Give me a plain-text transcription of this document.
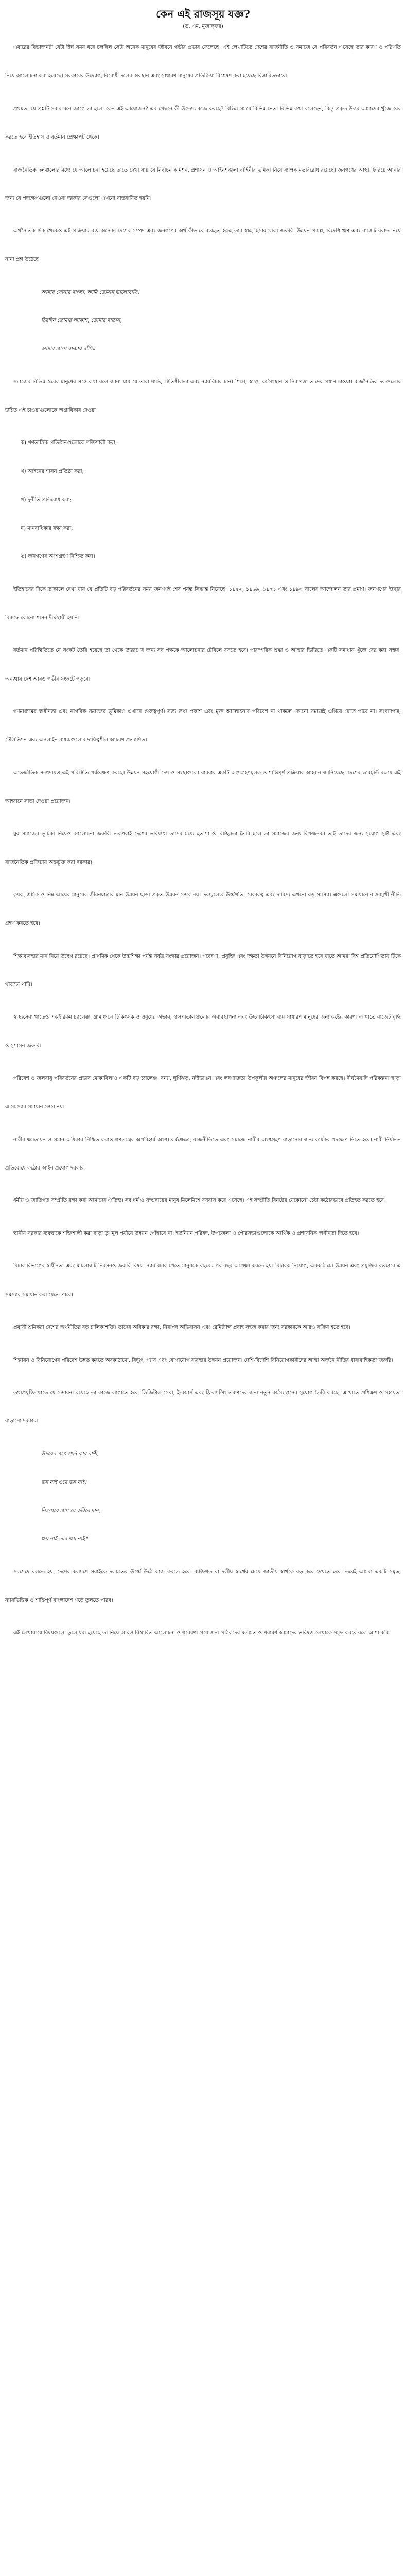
কেন এই রাজসূয় যজ্ঞ?
(ড. এম. মুজাফ্‌ফর)

এবারের বিভাজনটা যেটা দীর্ঘ সময় ধরে চলছিল সেটা অনেক মানুষের জীবনে গভীর প্রভাব ফেলেছে। এই লেখাটিতে দেশের রাজনীতি ও সমাজে যে পরিবর্তন এসেছে তার কারণ ও পরিণতি নিয়ে আলোচনা করা হয়েছে। সরকারের উদ্যোগ, বিরোধী দলের অবস্থান এবং সাধারণ মানুষের প্রতিক্রিয়া বিশ্লেষণ করা হয়েছে বিস্তারিতভাবে।

প্রথমত, যে প্রশ্নটি সবার মনে জাগে তা হলো কেন এই আয়োজন? এর পেছনে কী উদ্দেশ্য কাজ করছে? বিভিন্ন সময়ে বিভিন্ন নেতা বিভিন্ন কথা বলেছেন, কিন্তু প্রকৃত উত্তর আমাদের খুঁজে বের করতে হবে ইতিহাস ও বর্তমান প্রেক্ষাপট থেকে।

রাজনৈতিক দলগুলোর মধ্যে যে আলোচনা হয়েছে তাতে দেখা যায় যে নির্বাচন কমিশন, প্রশাসন ও আইনশৃঙ্খলা বাহিনীর ভূমিকা নিয়ে ব্যাপক মতবিরোধ রয়েছে। জনগণের আস্থা ফিরিয়ে আনার জন্য যে পদক্ষেপগুলো নেওয়া দরকার সেগুলো এখনো বাস্তবায়িত হয়নি।

অর্থনৈতিক দিক থেকেও এই প্রক্রিয়ার ব্যয় অনেক। দেশের সম্পদ এবং জনগণের অর্থ কীভাবে ব্যবহৃত হচ্ছে তার স্বচ্ছ হিসাব থাকা জরুরি। উন্নয়ন প্রকল্প, বিদেশি ঋণ এবং বাজেট বরাদ্দ নিয়ে নানা প্রশ্ন উঠেছে।

আমার সোনার বাংলা, আমি তোমায় ভালোবাসি।
চিরদিন তোমার আকাশ, তোমার বাতাস,
আমার প্রাণে বাজায় বাঁশি॥

সমাজের বিভিন্ন স্তরের মানুষের সঙ্গে কথা বলে জানা যায় যে তারা শান্তি, স্থিতিশীলতা এবং ন্যায়বিচার চান। শিক্ষা, স্বাস্থ্য, কর্মসংস্থান ও নিরাপত্তা তাদের প্রধান চাওয়া। রাজনৈতিক দলগুলোর উচিত এই চাওয়াগুলোকে অগ্রাধিকার দেওয়া।

ক) গণতান্ত্রিক প্রতিষ্ঠানগুলোকে শক্তিশালী করা;
খ) আইনের শাসন প্রতিষ্ঠা করা;
গ) দুর্নীতি প্রতিরোধ করা;
ঘ) মানবাধিকার রক্ষা করা;
ঙ) জনগণের অংশগ্রহণ নিশ্চিত করা।

ইতিহাসের দিকে তাকালে দেখা যায় যে প্রতিটি বড় পরিবর্তনের সময় জনগণই শেষ পর্যন্ত সিদ্ধান্ত নিয়েছে। ১৯৫২, ১৯৬৯, ১৯৭১ এবং ১৯৯০ সালের আন্দোলন তার প্রমাণ। জনগণের ইচ্ছার বিরুদ্ধে কোনো শাসন দীর্ঘস্থায়ী হয়নি।

বর্তমান পরিস্থিতিতে যে সংকট তৈরি হয়েছে তা থেকে উত্তরণের জন্য সব পক্ষকে আলোচনার টেবিলে বসতে হবে। পারস্পরিক শ্রদ্ধা ও আস্থার ভিত্তিতে একটি সমাধান খুঁজে বের করা সম্ভব। অন্যথায় দেশ আরও গভীর সংকটে পড়বে।

গণমাধ্যমের স্বাধীনতা এবং নাগরিক সমাজের ভূমিকাও এখানে গুরুত্বপূর্ণ। সত্য তথ্য প্রকাশ এবং মুক্ত আলোচনার পরিবেশ না থাকলে কোনো সমাজই এগিয়ে যেতে পারে না। সংবাদপত্র, টেলিভিশন এবং অনলাইন মাধ্যমগুলোর দায়িত্বশীল আচরণ প্রত্যাশিত।

আন্তর্জাতিক সম্প্রদায়ও এই পরিস্থিতি পর্যবেক্ষণ করছে। উন্নয়ন সহযোগী দেশ ও সংস্থাগুলো বারবার একটি অংশগ্রহণমূলক ও শান্তিপূর্ণ প্রক্রিয়ার আহ্বান জানিয়েছে। দেশের ভাবমূর্তি রক্ষায় এই আহ্বানে সাড়া দেওয়া প্রয়োজন।

যুব সমাজের ভূমিকা নিয়েও আলোচনা জরুরি। তরুণরাই দেশের ভবিষ্যৎ। তাদের মধ্যে হতাশা ও বিচ্ছিন্নতা তৈরি হলে তা সমাজের জন্য বিপজ্জনক। তাই তাদের জন্য সুযোগ সৃষ্টি এবং রাজনৈতিক প্রক্রিয়ায় অন্তর্ভুক্ত করা দরকার।

কৃষক, শ্রমিক ও নিম্ন আয়ের মানুষের জীবনযাত্রার মান উন্নয়ন ছাড়া প্রকৃত উন্নয়ন সম্ভব নয়। দ্রব্যমূল্যের ঊর্ধ্বগতি, বেকারত্ব এবং দারিদ্র্য এখনো বড় সমস্যা। এগুলো সমাধানে বাস্তবমুখী নীতি গ্রহণ করতে হবে।

শিক্ষাব্যবস্থার মান নিয়ে উদ্বেগ রয়েছে। প্রাথমিক থেকে উচ্চশিক্ষা পর্যন্ত সর্বত্র সংস্কার প্রয়োজন। গবেষণা, প্রযুক্তি এবং দক্ষতা উন্নয়নে বিনিয়োগ বাড়াতে হবে যাতে আমরা বিশ্ব প্রতিযোগিতায় টিকে থাকতে পারি।

স্বাস্থ্যসেবা খাতেও একই রকম চ্যালেঞ্জ। গ্রামাঞ্চলে চিকিৎসক ও ওষুধের অভাব, হাসপাতালগুলোর অব্যবস্থাপনা এবং উচ্চ চিকিৎসা ব্যয় সাধারণ মানুষের জন্য কষ্টের কারণ। এ খাতে বাজেট বৃদ্ধি ও সুশাসন জরুরি।

পরিবেশ ও জলবায়ু পরিবর্তনের প্রভাব মোকাবিলাও একটি বড় চ্যালেঞ্জ। বন্যা, ঘূর্ণিঝড়, নদীভাঙন এবং লবণাক্ততা উপকূলীয় অঞ্চলের মানুষের জীবন বিপন্ন করছে। দীর্ঘমেয়াদি পরিকল্পনা ছাড়া এ সমস্যার সমাধান সম্ভব নয়।

নারীর ক্ষমতায়ন ও সমান অধিকার নিশ্চিত করাও গণতন্ত্রের অপরিহার্য অংশ। কর্মক্ষেত্রে, রাজনীতিতে এবং সমাজে নারীর অংশগ্রহণ বাড়ানোর জন্য কার্যকর পদক্ষেপ নিতে হবে। নারী নির্যাতন প্রতিরোধে কঠোর আইন প্রয়োগ দরকার।

ধর্মীয় ও জাতিগত সম্প্রীতি রক্ষা করা আমাদের ঐতিহ্য। সব ধর্ম ও সম্প্রদায়ের মানুষ মিলেমিশে বসবাস করে এসেছে। এই সম্প্রীতি বিনষ্টের যেকোনো চেষ্টা কঠোরভাবে প্রতিহত করতে হবে।

স্থানীয় সরকার ব্যবস্থাকে শক্তিশালী করা ছাড়া তৃণমূল পর্যায়ে উন্নয়ন পৌঁছাবে না। ইউনিয়ন পরিষদ, উপজেলা ও পৌরসভাগুলোকে আর্থিক ও প্রশাসনিক স্বাধীনতা দিতে হবে।

বিচার বিভাগের স্বাধীনতা এবং মামলাজট নিরসনও জরুরি বিষয়। ন্যায়বিচার পেতে মানুষকে বছরের পর বছর অপেক্ষা করতে হয়। বিচারক নিয়োগ, অবকাঠামো উন্নয়ন এবং প্রযুক্তির ব্যবহারে এ সমস্যার সমাধান করা যেতে পারে।

প্রবাসী শ্রমিকরা দেশের অর্থনীতির বড় চালিকাশক্তি। তাদের অধিকার রক্ষা, নিরাপদ অভিবাসন এবং রেমিট্যান্স প্রবাহ সহজ করার জন্য সরকারকে আরও সক্রিয় হতে হবে।

শিল্পায়ন ও বিনিয়োগের পরিবেশ উন্নত করতে অবকাঠামো, বিদ্যুৎ, গ্যাস এবং যোগাযোগ ব্যবস্থার উন্নয়ন প্রয়োজন। দেশি-বিদেশি বিনিয়োগকারীদের আস্থা অর্জনে নীতির ধারাবাহিকতা জরুরি।

তথ্যপ্রযুক্তি খাতে যে সম্ভাবনা রয়েছে তা কাজে লাগাতে হবে। ডিজিটাল সেবা, ই-কমার্স এবং ফ্রিল্যান্সিং তরুণদের জন্য নতুন কর্মসংস্থানের সুযোগ তৈরি করছে। এ খাতে প্রশিক্ষণ ও সহায়তা বাড়ানো দরকার।

উদয়ের পথে শুনি কার বাণী,
ভয় নাই ওরে ভয় নাই।
নিঃশেষে প্রাণ যে করিবে দান,
ক্ষয় নাই তার ক্ষয় নাই॥

সবশেষে বলতে হয়, দেশের কল্যাণে সবাইকে দলমতের ঊর্ধ্বে উঠে কাজ করতে হবে। ব্যক্তিগত বা দলীয় স্বার্থের চেয়ে জাতীয় স্বার্থকে বড় করে দেখতে হবে। তবেই আমরা একটি সমৃদ্ধ, ন্যায়ভিত্তিক ও শান্তিপূর্ণ বাংলাদেশ গড়ে তুলতে পারব।

এই লেখায় যে বিষয়গুলো তুলে ধরা হয়েছে তা নিয়ে আরও বিস্তারিত আলোচনা ও গবেষণা প্রয়োজন। পাঠকদের মতামত ও পরামর্শ আমাদের ভবিষ্যৎ লেখাকে সমৃদ্ধ করবে বলে আশা করি।
